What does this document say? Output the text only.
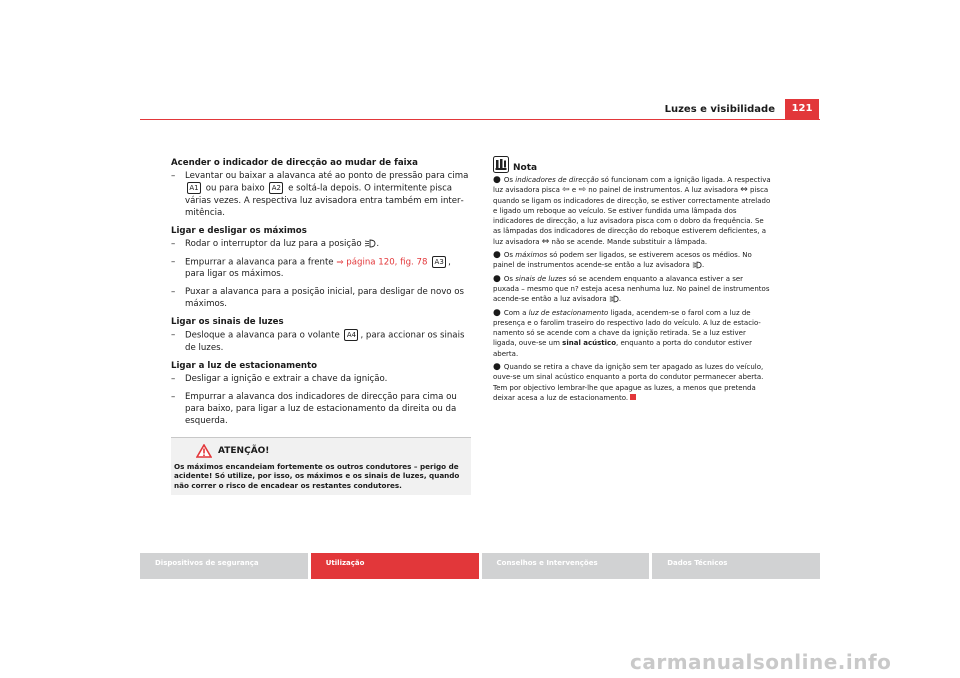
Luzes e visibilidade	121

Acender o indicador de direcção ao mudar de faixa

– Levantar ou baixar a alavanca até ao ponto de pressão para cima A1 ou para baixo A2 e soltá-la depois. O intermitente pisca várias vezes. A respectiva luz avisadora entra também em intermitência.

Ligar e desligar os máximos

– Rodar o interruptor da luz para a posição .
– Empurrar a alavanca para a frente ⇒ página 120, fig. 78 A3 , para ligar os máximos.
– Puxar a alavanca para a posição inicial, para desligar de novo os máximos.

Ligar os sinais de luzes

– Desloque a alavanca para o volante A4 , para accionar os sinais de luzes.

Ligar a luz de estacionamento

– Desligar a ignição e extrair a chave da ignição.
– Empurrar a alavanca dos indicadores de direcção para cima ou para baixo, para ligar a luz de estacionamento da direita ou da esquerda.
ATENÇÃO!
Os máximos encandeiam fortemente os outros condutores – perigo de acidente! Só utilize, por isso, os máximos e os sinais de luzes, quando não correr o risco de encadear os restantes condutores.
Nota

● Os indicadores de direcção só funcionam com a ignição ligada. A respectiva luz avisadora pisca ⇦ e ⇨ no painel de instrumentos. A luz avisadora ⇔ pisca quando se ligam os indicadores de direcção, se estiver correctamente atrelado e ligado um reboque ao veículo. Se estiver fundida uma lâmpada dos indicadores de direcção, a luz avisadora pisca com o dobro da frequência. Se as lâmpadas dos indicadores de direcção do reboque estiverem deficientes, a luz avisadora ⇔ não se acende. Mande substituir a lâmpada.

● Os máximos só podem ser ligados, se estiverem acesos os médios. No painel de instrumentos acende-se então a luz avisadora .

● Os sinais de luzes só se acendem enquanto a alavanca estiver a ser puxada – mesmo que n? esteja acesa nenhuma luz. No painel de instrumentos acende-se então a luz avisadora .

● Com a luz de estacionamento ligada, acendem-se o farol com a luz de presença e o farolim traseiro do respectivo lado do veículo. A luz de estacionamento só se acende com a chave da ignição retirada. Se a luz estiver ligada, ouve-se um sinal acústico, enquanto a porta do condutor estiver aberta.

● Quando se retira a chave da ignição sem ter apagado as luzes do veículo, ouve-se um sinal acústico enquanto a porta do condutor permanecer aberta. Tem por objectivo lembrar-lhe que apague as luzes, a menos que pretenda deixar acesa a luz de estacionamento.

Dispositivos de segurança	Utilização	Conselhos e Intervenções	Dados Técnicos
carmanualsonline.info
